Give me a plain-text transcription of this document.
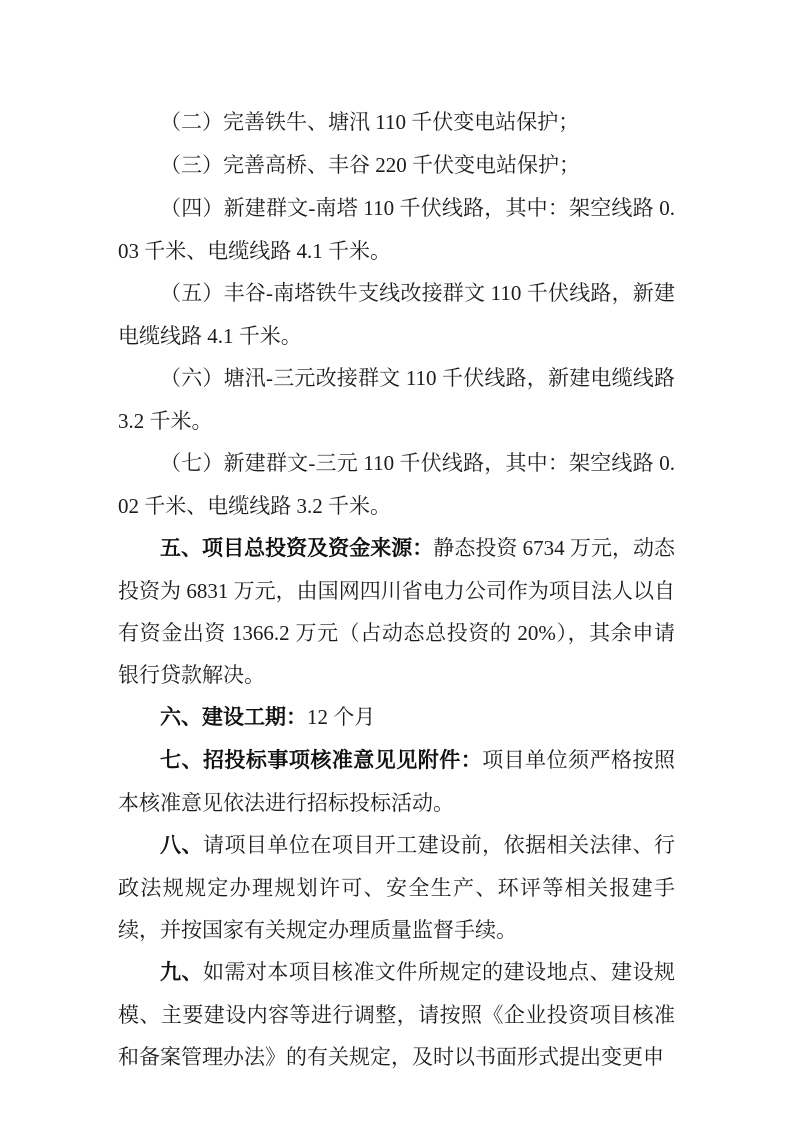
（二）完善铁牛、塘汛 110 千伏变电站保护；

（三）完善高桥、丰谷 220 千伏变电站保护；

（四）新建群文-南塔 110 千伏线路，其中：架空线路 0.03 千米、电缆线路 4.1 千米。

（五）丰谷-南塔铁牛支线改接群文 110 千伏线路，新建电缆线路 4.1 千米。

（六）塘汛-三元改接群文 110 千伏线路，新建电缆线路 3.2 千米。

（七）新建群文-三元 110 千伏线路，其中：架空线路 0.02 千米、电缆线路 3.2 千米。

五、项目总投资及资金来源：静态投资 6734 万元，动态投资为 6831 万元，由国网四川省电力公司作为项目法人以自有资金出资 1366.2 万元（占动态总投资的 20%），其余申请银行贷款解决。

六、建设工期：12 个月

七、招投标事项核准意见见附件：项目单位须严格按照本核准意见依法进行招标投标活动。

八、请项目单位在项目开工建设前，依据相关法律、行政法规规定办理规划许可、安全生产、环评等相关报建手续，并按国家有关规定办理质量监督手续。

九、如需对本项目核准文件所规定的建设地点、建设规模、主要建设内容等进行调整，请按照《企业投资项目核准和备案管理办法》的有关规定，及时以书面形式提出变更申
